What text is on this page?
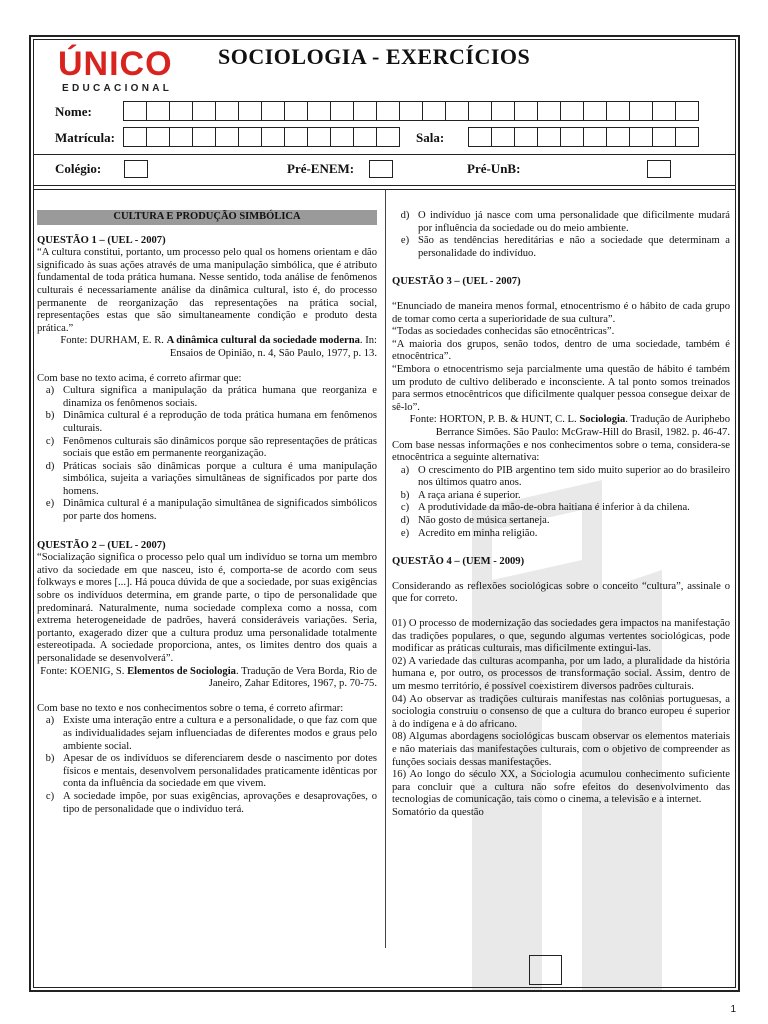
ÚNICO
EDUCACIONAL
SOCIOLOGIA - EXERCÍCIOS
Nome:
Matrícula:	Sala:
Colégio:	Pré-ENEM:	Pré-UnB:

CULTURA E PRODUÇÃO SIMBÓLICA

QUESTÃO 1 – (UEL - 2007)

“A cultura constitui, portanto, um processo pelo qual os homens orientam e dão significado às suas ações através de uma manipulação simbólica, que é atributo fundamental de toda prática humana. Nesse sentido, toda análise de fenômenos culturais é necessariamente análise da dinâmica cultural, isto é, do processo permanente de reorganização das representações na prática social, representações estas que são simultaneamente condição e produto desta prática.”

Fonte: DURHAM, E. R. A dinâmica cultural da sociedade moderna. In: Ensaios de Opinião, n. 4, São Paulo, 1977, p. 13.

Com base no texto acima, é correto afirmar que:

a) Cultura significa a manipulação da prática humana que reorganiza e dinamiza os fenômenos sociais.
b) Dinâmica cultural é a reprodução de toda prática humana em fenômenos culturais.
c) Fenômenos culturais são dinâmicos porque são representações de práticas sociais que estão em permanente reorganização.
d) Práticas sociais são dinâmicas porque a cultura é uma manipulação simbólica, sujeita a variações simultâneas de significados por parte dos homens.
e) Dinâmica cultural é a manipulação simultânea de significados simbólicos por parte dos homens.

QUESTÃO 2 – (UEL - 2007)

“Socialização significa o processo pelo qual um indivíduo se torna um membro ativo da sociedade em que nasceu, isto é, comporta-se de acordo com seus folkways e mores [...]. Há pouca dúvida de que a sociedade, por suas exigências sobre os indivíduos determina, em grande parte, o tipo de personalidade que predominará. Naturalmente, numa sociedade complexa como a nossa, com extrema heterogeneidade de padrões, haverá consideráveis variações. Seria, portanto, exagerado dizer que a cultura produz uma personalidade totalmente estereotipada. A sociedade proporciona, antes, os limites dentro dos quais a personalidade se desenvolverá”.

Fonte: KOENIG, S. Elementos de Sociologia. Tradução de Vera Borda, Rio de Janeiro, Zahar Editores, 1967, p. 70-75.

Com base no texto e nos conhecimentos sobre o tema, é correto afirmar:

a) Existe uma interação entre a cultura e a personalidade, o que faz com que as individualidades sejam influenciadas de diferentes modos e graus pelo ambiente social.
b) Apesar de os indivíduos se diferenciarem desde o nascimento por dotes físicos e mentais, desenvolvem personalidades praticamente idênticas por conta da influência da sociedade em que vivem.
c) A sociedade impõe, por suas exigências, aprovações e desaprovações, o tipo de personalidade que o indivíduo terá.
d) O indivíduo já nasce com uma personalidade que dificilmente mudará por influência da sociedade ou do meio ambiente.
e) São as tendências hereditárias e não a sociedade que determinam a personalidade do indivíduo.

QUESTÃO 3 – (UEL - 2007)

“Enunciado de maneira menos formal, etnocentrismo é o hábito de cada grupo de tomar como certa a superioridade de sua cultura”.

“Todas as sociedades conhecidas são etnocêntricas”.

“A maioria dos grupos, senão todos, dentro de uma sociedade, também é etnocêntrica”.

“Embora o etnocentrismo seja parcialmente uma questão de hábito é também um produto de cultivo deliberado e inconsciente. A tal ponto somos treinados para sermos etnocêntricos que dificilmente qualquer pessoa consegue deixar de sê-lo”.

Fonte: HORTON, P. B. & HUNT, C. L. Sociologia. Tradução de Auriphebo Berrance Simões. São Paulo: McGraw-Hill do Brasil, 1982. p. 46-47.

Com base nessas informações e nos conhecimentos sobre o tema, considera-se etnocêntrica a seguinte alternativa:

a) O crescimento do PIB argentino tem sido muito superior ao do brasileiro nos últimos quatro anos.
b) A raça ariana é superior.
c) A produtividade da mão-de-obra haitiana é inferior à da chilena.
d) Não gosto de música sertaneja.
e) Acredito em minha religião.

QUESTÃO 4 – (UEM - 2009)

Considerando as reflexões sociológicas sobre o conceito “cultura”, assinale o que for correto.

01) O processo de modernização das sociedades gera impactos na manifestação das tradições populares, o que, segundo algumas vertentes sociológicas, pode modificar as práticas culturais, mas dificilmente extingui-las.

02) A variedade das culturas acompanha, por um lado, a pluralidade da história humana e, por outro, os processos de transformação social. Assim, dentro de um mesmo território, é possível coexistirem diversos padrões culturais.

04) Ao observar as tradições culturais manifestas nas colônias portuguesas, a sociologia construiu o consenso de que a cultura do branco europeu é superior à do indígena e à do africano.

08) Algumas abordagens sociológicas buscam observar os elementos materiais e não materiais das manifestações culturais, com o objetivo de compreender as funções sociais dessas manifestações.

16) Ao longo do século XX, a Sociologia acumulou conhecimento suficiente para concluir que a cultura não sofre efeitos do desenvolvimento das tecnologias de comunicação, tais como o cinema, a televisão e a internet.

Somatório da questão

1
